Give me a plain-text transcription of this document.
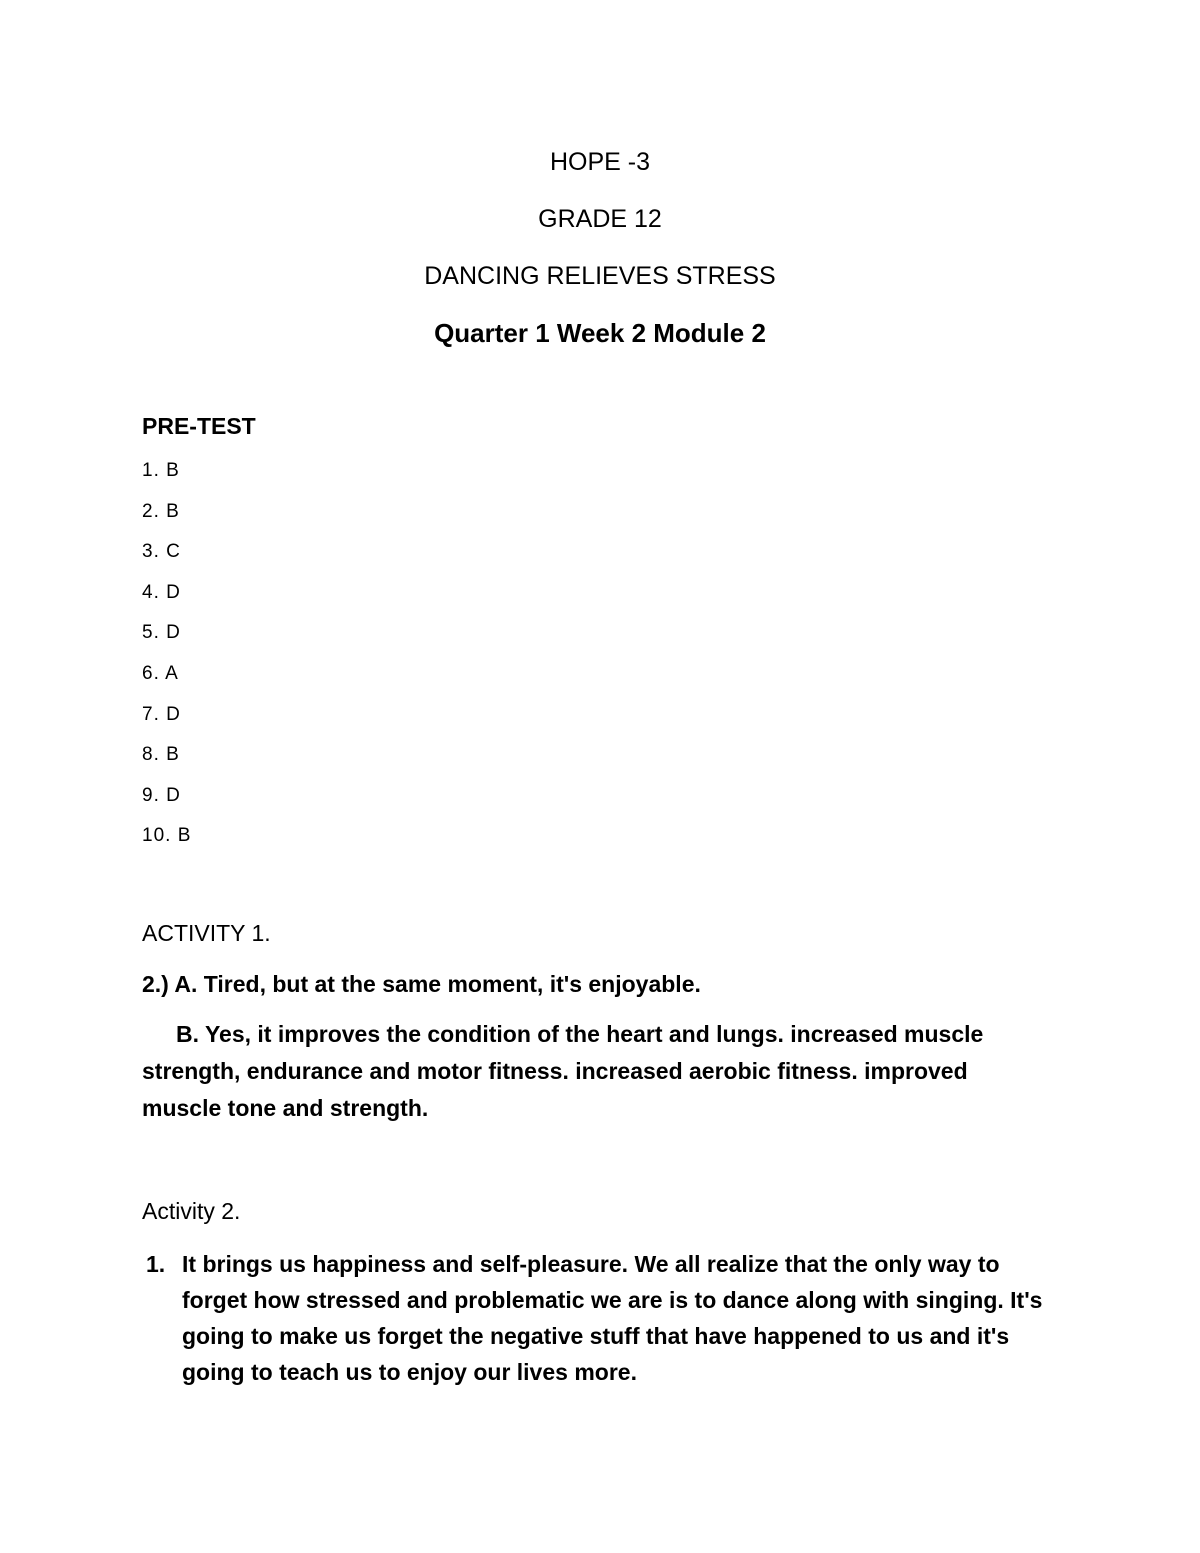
HOPE -3
GRADE 12
DANCING RELIEVES STRESS
Quarter 1 Week 2 Module 2
PRE-TEST
1. B
2. B
3. C
4. D
5. D
6. A
7. D
8. B
9. D
10. B
ACTIVITY 1.
2.) A. Tired, but at the same moment, it's enjoyable.
B. Yes, it improves the condition of the heart and lungs. increased muscle strength, endurance and motor fitness. increased aerobic fitness. improved muscle tone and strength.
Activity 2.
1. It brings us happiness and self-pleasure. We all realize that the only way to forget how stressed and problematic we are is to dance along with singing. It's going to make us forget the negative stuff that have happened to us and it's going to teach us to enjoy our lives more.
